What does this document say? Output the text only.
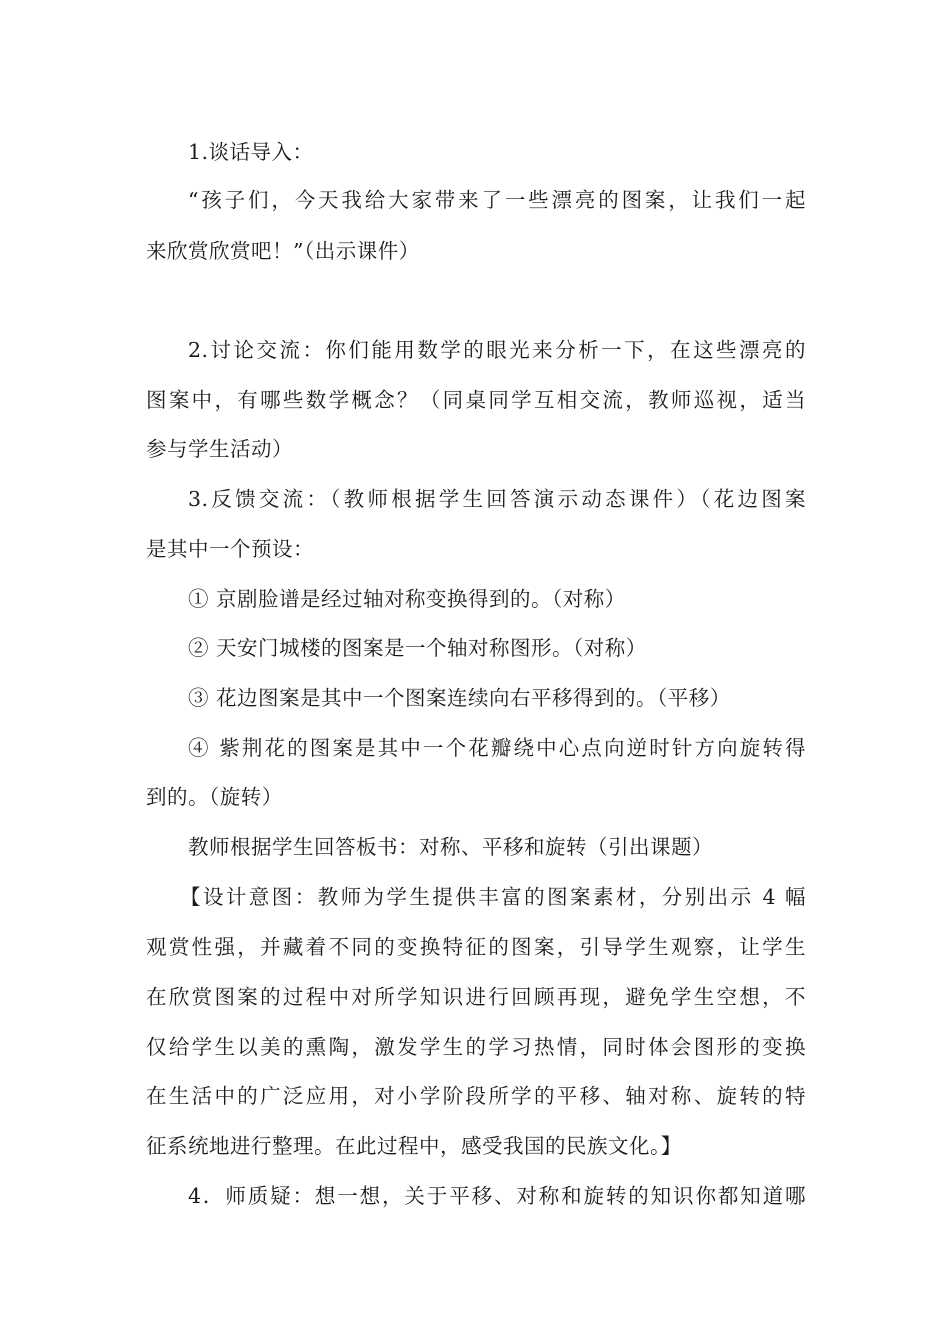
1.谈话导入：
“孩子们，今天我给大家带来了一些漂亮的图案，让我们一起
来欣赏欣赏吧！”（出示课件）
2.讨论交流：你们能用数学的眼光来分析一下，在这些漂亮的
图案中，有哪些数学概念？（同桌同学互相交流，教师巡视，适当
参与学生活动）
3.反馈交流：（教师根据学生回答演示动态课件）（花边图案
是其中一个预设：
① 京剧脸谱是经过轴对称变换得到的。（对称）
② 天安门城楼的图案是一个轴对称图形。（对称）
③ 花边图案是其中一个图案连续向右平移得到的。（平移）
④ 紫荆花的图案是其中一个花瓣绕中心点向逆时针方向旋转得
到的。（旋转）
教师根据学生回答板书：对称、平移和旋转（引出课题）
【设计意图：教师为学生提供丰富的图案素材，分别出示 4 幅
观赏性强，并藏着不同的变换特征的图案，引导学生观察，让学生
在欣赏图案的过程中对所学知识进行回顾再现，避免学生空想，不
仅给学生以美的熏陶，激发学生的学习热情，同时体会图形的变换
在生活中的广泛应用，对小学阶段所学的平移、轴对称、旋转的特
征系统地进行整理。在此过程中，感受我国的民族文化。】
4．师质疑：想一想，关于平移、对称和旋转的知识你都知道哪
